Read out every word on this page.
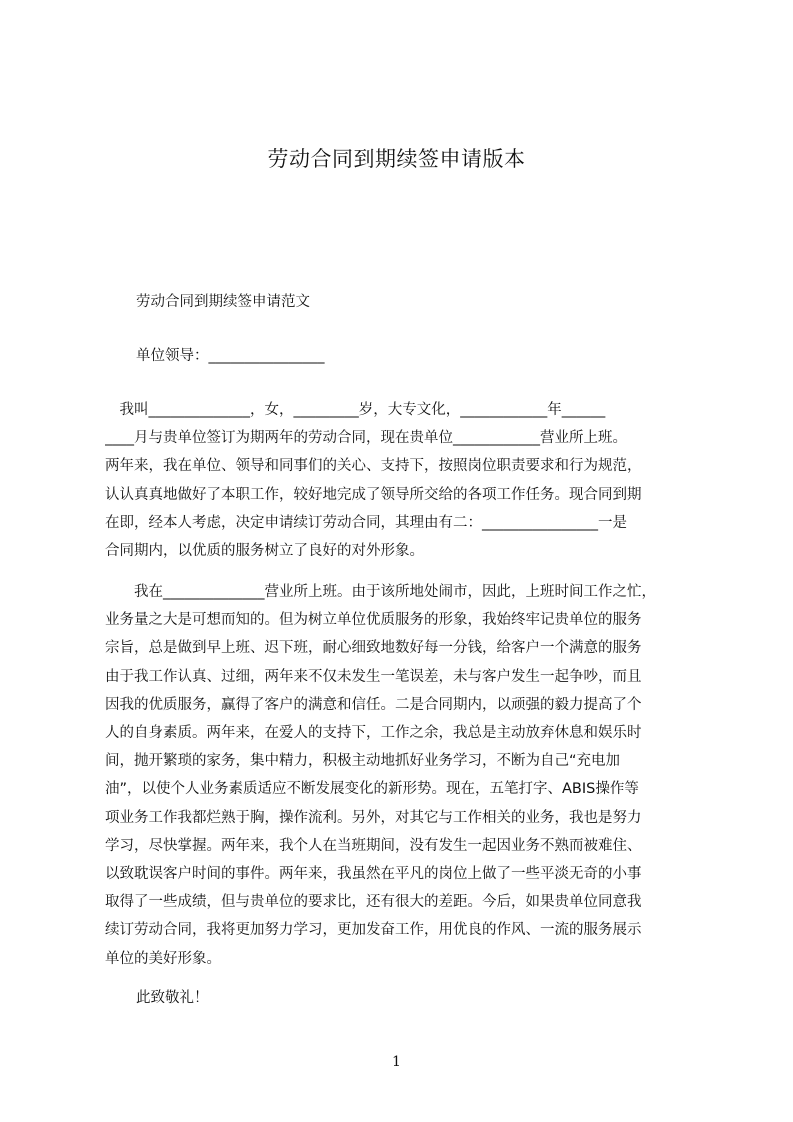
劳动合同到期续签申请版本
劳动合同到期续签申请范文
单位领导：________________
　我叫______________，女，_________岁，大专文化，____________年______
____月与贵单位签订为期两年的劳动合同，现在贵单位____________营业所上班。
两年来，我在单位、领导和同事们的关心、支持下，按照岗位职责要求和行为规范，
认认真真地做好了本职工作，较好地完成了领导所交给的各项工作任务。现合同到期
在即，经本人考虑，决定申请续订劳动合同，其理由有二：________________一是
合同期内，以优质的服务树立了良好的对外形象。
　　我在______________营业所上班。由于该所地处闹市，因此，上班时间工作之忙，
业务量之大是可想而知的。但为树立单位优质服务的形象，我始终牢记贵单位的服务
宗旨，总是做到早上班、迟下班，耐心细致地数好每一分钱，给客户一个满意的服务
由于我工作认真、过细，两年来不仅未发生一笔误差，未与客户发生一起争吵，而且
因我的优质服务，赢得了客户的满意和信任。二是合同期内，以顽强的毅力提高了个
人的自身素质。两年来，在爱人的支持下，工作之余，我总是主动放弃休息和娱乐时
间，抛开繁琐的家务，集中精力，积极主动地抓好业务学习，不断为自己“充电加
油”，以使个人业务素质适应不断发展变化的新形势。现在，五笔打字、ABIS操作等
项业务工作我都烂熟于胸，操作流利。另外，对其它与工作相关的业务，我也是努力
学习，尽快掌握。两年来，我个人在当班期间，没有发生一起因业务不熟而被难住、
以致耽误客户时间的事件。两年来，我虽然在平凡的岗位上做了一些平淡无奇的小事
取得了一些成绩，但与贵单位的要求比，还有很大的差距。今后，如果贵单位同意我
续订劳动合同，我将更加努力学习，更加发奋工作，用优良的作风、一流的服务展示
单位的美好形象。
此致敬礼！
1
